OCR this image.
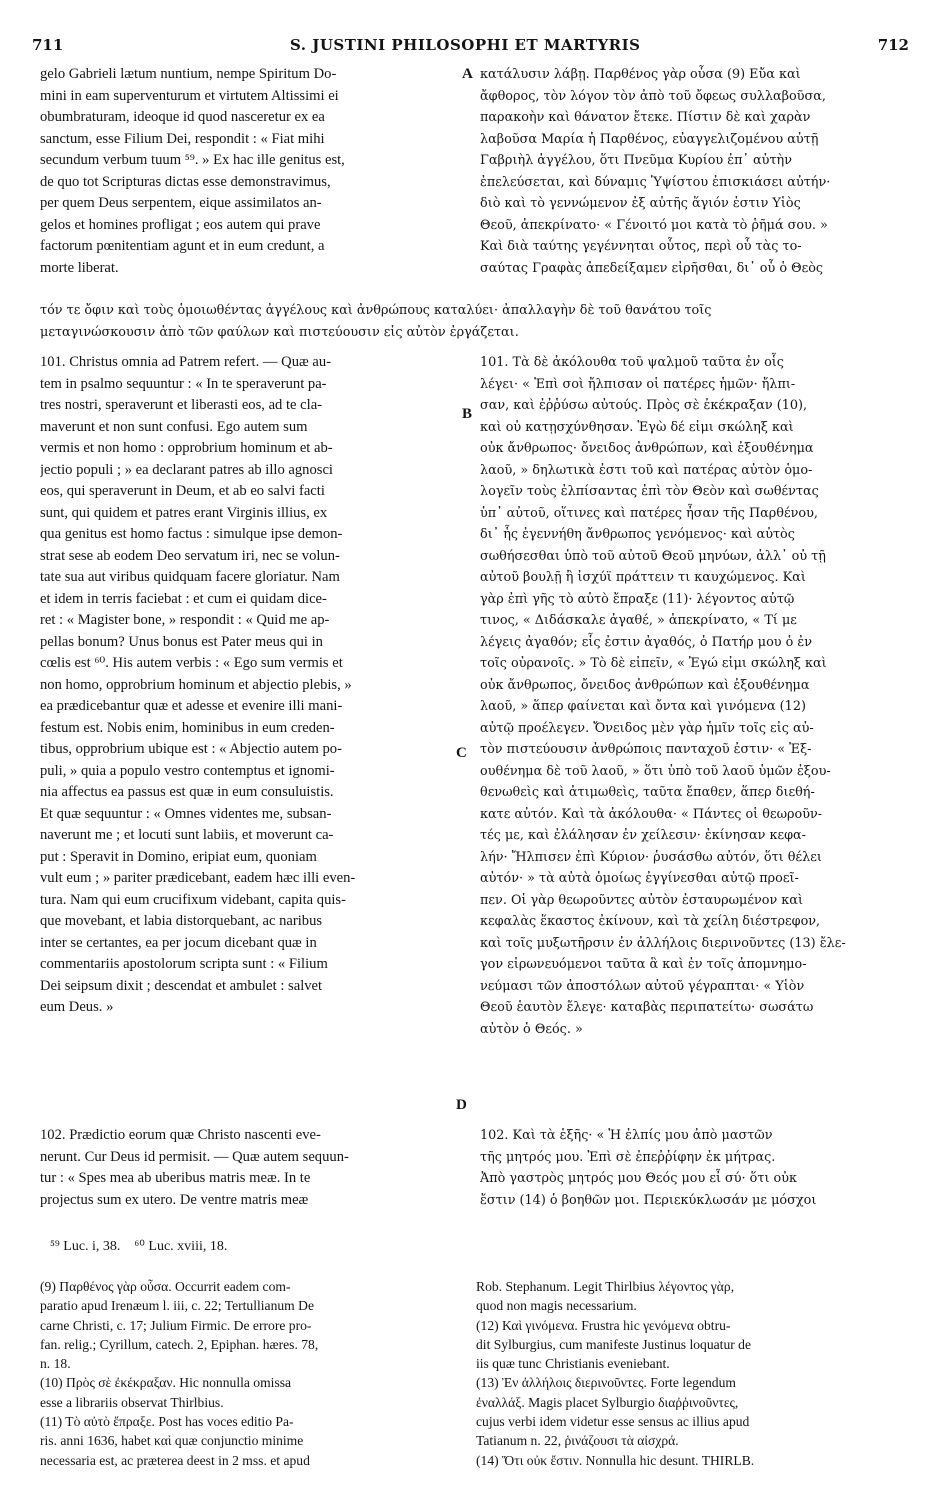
711	S. JUSTINI PHILOSOPHI ET MARTYRIS	712
A
B
C
D
gelo Gabrieli lætum nuntium, nempe Spiritum Do-
mini in eam superventurum et virtutem Altissimi ei
obumbraturam, ideoque id quod nasceretur ex ea
sanctum, esse Filium Dei, respondit : « Fiat mihi
secundum verbum tuum ⁵⁹. » Ex hac ille genitus est,
de quo tot Scripturas dictas esse demonstravimus,
per quem Deus serpentem, eique assimilatos an-
gelos et homines profligat ; eos autem qui prave
factorum pœnitentiam agunt et in eum credunt, a
morte liberat.
κατάλυσιν λάβῃ. Παρθένος γὰρ οὖσα (9) Εὔα καὶ
ἄφθορος, τὸν λόγον τὸν ἀπὸ τοῦ ὄφεως συλλαβοῦσα,
παρακοὴν καὶ θάνατον ἔτεκε. Πίστιν δὲ καὶ χαρὰν
λαβοῦσα Μαρία ἡ Παρθένος, εὐαγγελιζομένου αὐτῇ
Γαβριὴλ ἀγγέλου, ὅτι Πνεῦμα Κυρίου ἐπ᾽ αὐτὴν
ἐπελεύσεται, καὶ δύναμις Ὑψίστου ἐπισκιάσει αὐτήν·
διὸ καὶ τὸ γεννώμενον ἐξ αὐτῆς ἅγιόν ἐστιν Υἱὸς
Θεοῦ, ἀπεκρίνατο· « Γένοιτό μοι κατὰ τὸ ῥῆμά σου. »
Καὶ διὰ ταύτης γεγέννηται οὗτος, περὶ οὗ τὰς το-
σαύτας Γραφὰς ἀπεδείξαμεν εἰρῆσθαι, δι᾽ οὗ ὁ Θεὸς
τόν τε ὄφιν καὶ τοὺς ὁμοιωθέντας ἀγγέλους καὶ ἀνθρώπους καταλύει· ἀπαλλαγὴν δὲ τοῦ θανάτου τοῖς
μεταγινώσκουσιν ἀπὸ τῶν φαύλων καὶ πιστεύουσιν εἰς αὐτὸν ἐργάζεται.
101. Christus omnia ad Patrem refert. — Quæ au-
tem in psalmo sequuntur : « In te speraverunt pa-
tres nostri, speraverunt et liberasti eos, ad te cla-
maverunt et non sunt confusi. Ego autem sum
vermis et non homo : opprobrium hominum et ab-
jectio populi ; » ea declarant patres ab illo agnosci
eos, qui speraverunt in Deum, et ab eo salvi facti
sunt, qui quidem et patres erant Virginis illius, ex
qua genitus est homo factus : simulque ipse demon-
strat sese ab eodem Deo servatum iri, nec se volun-
tate sua aut viribus quidquam facere gloriatur. Nam
et idem in terris faciebat : et cum ei quidam dice-
ret : « Magister bone, » respondit : « Quid me ap-
pellas bonum? Unus bonus est Pater meus qui in
cœlis est ⁶⁰. His autem verbis : « Ego sum vermis et
non homo, opprobrium hominum et abjectio plebis, »
ea prædicebantur quæ et adesse et evenire illi mani-
festum est. Nobis enim, hominibus in eum creden-
tibus, opprobrium ubique est : « Abjectio autem po-
puli, » quia a populo vestro contemptus et ignomi-
nia affectus ea passus est quæ in eum consuluistis.
Et quæ sequuntur : « Omnes videntes me, subsan-
naverunt me ; et locuti sunt labiis, et moverunt ca-
put : Speravit in Domino, eripiat eum, quoniam
vult eum ; » pariter prædicebant, eadem hæc illi even-
tura. Nam qui eum crucifixum videbant, capita quis-
que movebant, et labia distorquebant, ac naribus
inter se certantes, ea per jocum dicebant quæ in
commentariis apostolorum scripta sunt : « Filium
Dei seipsum dixit ; descendat et ambulet : salvet
eum Deus. »
101. Τὰ δὲ ἀκόλουθα τοῦ ψαλμοῦ ταῦτα ἐν οἷς
λέγει· « Ἐπὶ σοὶ ἤλπισαν οἱ πατέρες ἡμῶν· ἤλπι-
σαν, καὶ ἐῤῥύσω αὐτούς. Πρὸς σὲ ἐκέκραξαν (10),
καὶ οὐ κατῃσχύνθησαν. Ἐγὼ δέ εἰμι σκώληξ καὶ
οὐκ ἄνθρωπος· ὄνειδος ἀνθρώπων, καὶ ἐξουθένημα
λαοῦ, » δηλωτικὰ ἐστι τοῦ καὶ πατέρας αὐτὸν ὁμο-
λογεῖν τοὺς ἐλπίσαντας ἐπὶ τὸν Θεὸν καὶ σωθέντας
ὑπ᾽ αὐτοῦ, οἵτινες καὶ πατέρες ἦσαν τῆς Παρθένου,
δι᾽ ἧς ἐγεννήθη ἄνθρωπος γενόμενος· καὶ αὐτὸς
σωθήσεσθαι ὑπὸ τοῦ αὐτοῦ Θεοῦ μηνύων, ἀλλ᾽ οὐ τῇ
αὐτοῦ βουλῇ ἢ ἰσχύϊ πράττειν τι καυχώμενος. Καὶ
γὰρ ἐπὶ γῆς τὸ αὐτὸ ἔπραξε (11)· λέγοντος αὐτῷ
τινος, « Διδάσκαλε ἀγαθέ, » ἀπεκρίνατο, « Τί με
λέγεις ἀγαθόν; εἷς ἐστιν ἀγαθός, ὁ Πατήρ μου ὁ ἐν
τοῖς οὐρανοῖς. » Τὸ δὲ εἰπεῖν, « Ἐγώ εἰμι σκώληξ καὶ
οὐκ ἄνθρωπος, ὄνειδος ἀνθρώπων καὶ ἐξουθένημα
λαοῦ, » ἅπερ φαίνεται καὶ ὄντα καὶ γινόμενα (12)
αὐτῷ προέλεγεν. Ὄνειδος μὲν γὰρ ἡμῖν τοῖς εἰς αὐ-
τὸν πιστεύουσιν ἀνθρώποις πανταχοῦ ἐστιν· « Ἐξ-
ουθένημα δὲ τοῦ λαοῦ, » ὅτι ὑπὸ τοῦ λαοῦ ὑμῶν ἐξου-
θενωθεὶς καὶ ἀτιμωθεὶς, ταῦτα ἔπαθεν, ἅπερ διεθή-
κατε αὐτόν. Καὶ τὰ ἀκόλουθα· « Πάντες οἱ θεωροῦν-
τές με, καὶ ἐλάλησαν ἐν χείλεσιν· ἐκίνησαν κεφα-
λήν· Ἤλπισεν ἐπὶ Κύριον· ῥυσάσθω αὐτόν, ὅτι θέλει
αὐτόν· » τὰ αὐτὰ ὁμοίως ἐγγίνεσθαι αὐτῷ προεῖ-
πεν. Οἱ γὰρ θεωροῦντες αὐτὸν ἐσταυρωμένον καὶ
κεφαλὰς ἕκαστος ἐκίνουν, καὶ τὰ χείλη διέστρεφον,
καὶ τοῖς μυξωτῆρσιν ἐν ἀλλήλοις διερινοῦντες (13) ἔλε-
γον εἰρωνευόμενοι ταῦτα ἃ καὶ ἐν τοῖς ἀπομνημο-
νεύμασι τῶν ἀποστόλων αὐτοῦ γέγραπται· « Υἱὸν
Θεοῦ ἑαυτὸν ἔλεγε· καταβὰς περιπατείτω· σωσάτω
αὐτὸν ὁ Θεός. »
102. Prædictio eorum quæ Christo nascenti eve-
nerunt. Cur Deus id permisit. — Quæ autem sequun-
tur : « Spes mea ab uberibus matris meæ. In te
projectus sum ex utero. De ventre matris meæ
102. Καὶ τὰ ἑξῆς· « Ἡ ἐλπίς μου ἀπὸ μαστῶν
τῆς μητρός μου. Ἐπὶ σὲ ἐπεῤῥίφην ἐκ μήτρας.
Ἀπὸ γαστρὸς μητρός μου Θεός μου εἶ σύ· ὅτι οὐκ
ἔστιν (14) ὁ βοηθῶν μοι. Περιεκύκλωσάν με μόσχοι
⁵⁹ Luc. i, 38.    ⁶⁰ Luc. xviii, 18.
(9) Παρθένος γὰρ οὖσα. Occurrit eadem com-
paratio apud Irenæum l. iii, c. 22; Tertullianum De
carne Christi, c. 17; Julium Firmic. De errore pro-
fan. relig.; Cyrillum, catech. 2, Epiphan. hæres. 78,
n. 18.
(10) Πρὸς σὲ ἐκέκραξαν. Hic nonnulla omissa
esse a librariis observat Thirlbius.
(11) Τὸ αὐτὸ ἔπραξε. Post has voces editio Pa-
ris. anni 1636, habet καὶ quæ conjunctio minime
necessaria est, ac præterea deest in 2 mss. et apud
Rob. Stephanum. Legit Thirlbius λέγοντος γὰρ,
quod non magis necessarium.
(12) Καὶ γινόμενα. Frustra hic γενόμενα obtru-
dit Sylburgius, cum manifeste Justinus loquatur de
iis quæ tunc Christianis eveniebant.
(13) Ἐν ἀλλήλοις διερινοῦντες. Forte legendum
ἐναλλάξ. Magis placet Sylburgio διαῤῥινοῦντες,
cujus verbi idem videtur esse sensus ac illius apud
Tatianum n. 22, ῥινάζουσι τὰ αἰσχρά.
(14) Ὅτι οὐκ ἔστιν. Nonnulla hic desunt. THIRLB.
